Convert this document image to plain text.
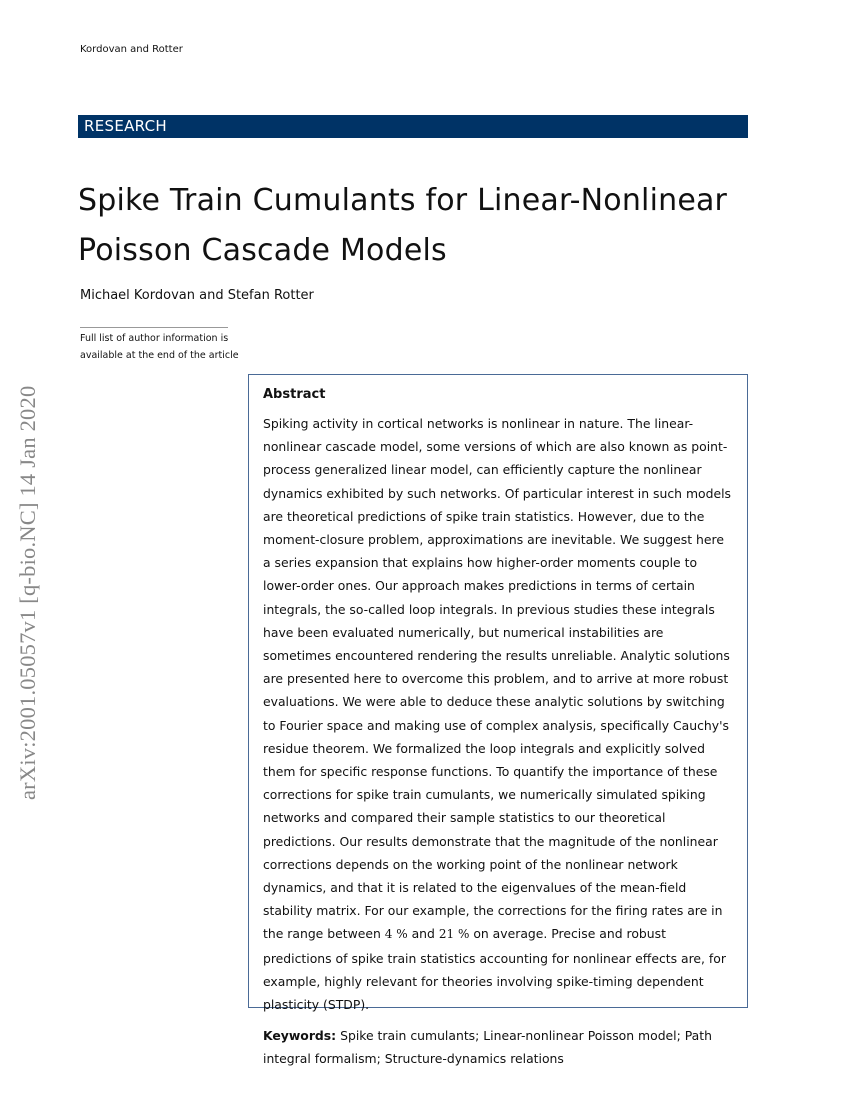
Kordovan and Rotter
RESEARCH
Spike Train Cumulants for Linear-Nonlinear Poisson Cascade Models
Michael Kordovan and Stefan Rotter
Full list of author information is available at the end of the article
arXiv:2001.05057v1 [q-bio.NC] 14 Jan 2020	Abstract

Spiking activity in cortical networks is nonlinear in nature. The linear-nonlinear cascade model, some versions of which are also known as point-process generalized linear model, can efficiently capture the nonlinear dynamics exhibited by such networks. Of particular interest in such models are theoretical predictions of spike train statistics. However, due to the moment-closure problem, approximations are inevitable. We suggest here a series expansion that explains how higher-order moments couple to lower-order ones. Our approach makes predictions in terms of certain integrals, the so-called loop integrals. In previous studies these integrals have been evaluated numerically, but numerical instabilities are sometimes encountered rendering the results unreliable. Analytic solutions are presented here to overcome this problem, and to arrive at more robust evaluations. We were able to deduce these analytic solutions by switching to Fourier space and making use of complex analysis, specifically Cauchy's residue theorem. We formalized the loop integrals and explicitly solved them for specific response functions. To quantify the importance of these corrections for spike train cumulants, we numerically simulated spiking networks and compared their sample statistics to our theoretical predictions. Our results demonstrate that the magnitude of the nonlinear corrections depends on the working point of the nonlinear network dynamics, and that it is related to the eigenvalues of the mean-field stability matrix. For our example, the corrections for the firing rates are in the range between 4 % and 21 % on average. Precise and robust predictions of spike train statistics accounting for nonlinear effects are, for example, highly relevant for theories involving spike-timing dependent plasticity (STDP).

Keywords: Spike train cumulants; Linear-nonlinear Poisson model; Path integral formalism; Structure-dynamics relations
